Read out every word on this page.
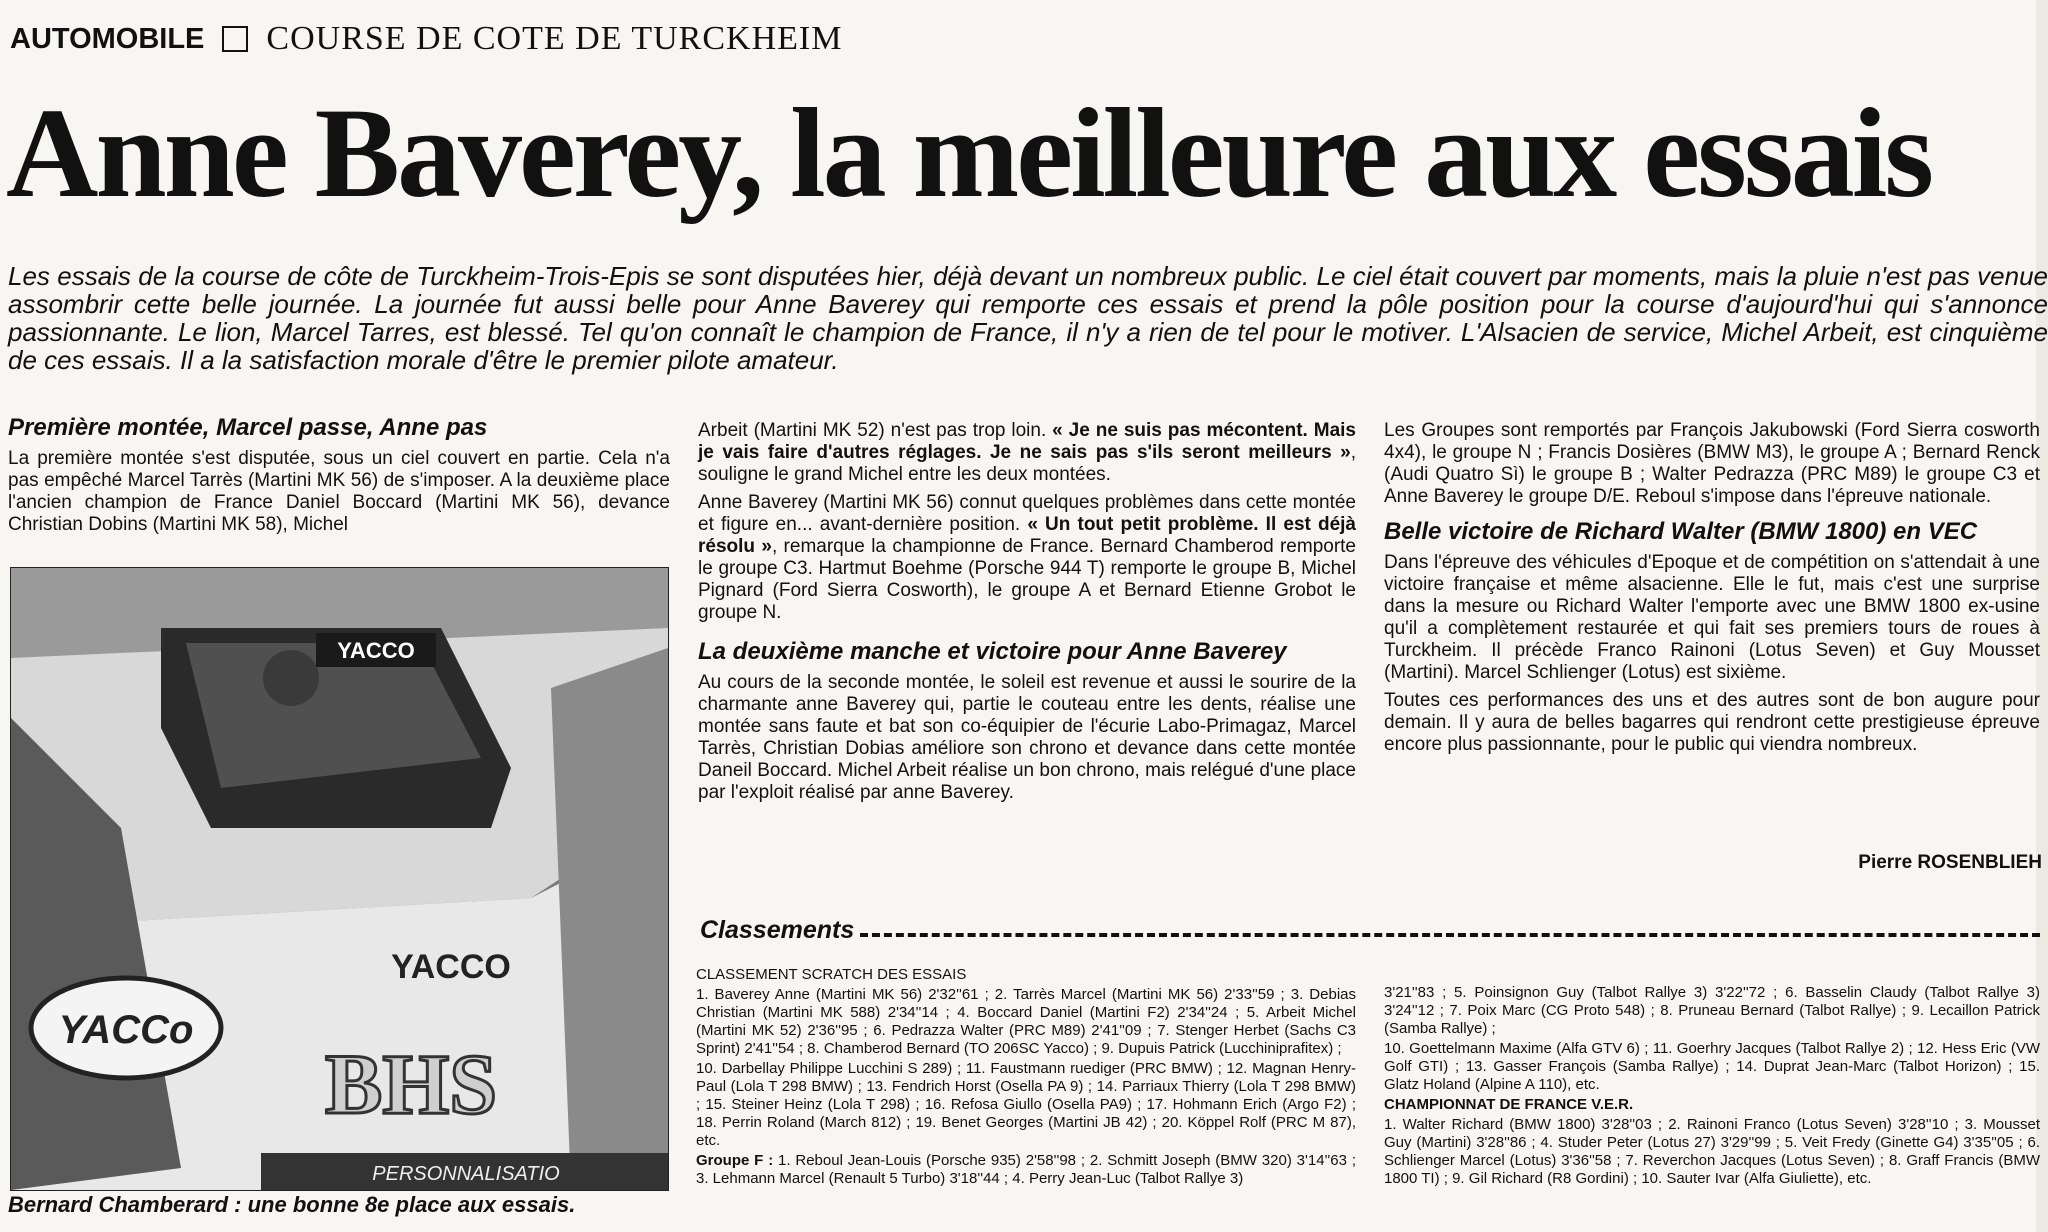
AUTOMOBILE COURSE DE COTE DE TURCKHEIM
Anne Baverey, la meilleure aux essais

Les essais de la course de côte de Turckheim-Trois-Epis se sont disputées hier, déjà devant un nombreux public. Le ciel était couvert par moments, mais la pluie n'est pas venue assombrir cette belle journée. La journée fut aussi belle pour Anne Baverey qui remporte ces essais et prend la pôle position pour la course d'aujourd'hui qui s'annonce passionnante. Le lion, Marcel Tarres, est blessé. Tel qu'on connaît le champion de France, il n'y a rien de tel pour le motiver. L'Alsacien de service, Michel Arbeit, est cinquième de ces essais. Il a la satisfaction morale d'être le premier pilote amateur.

Première montée, Marcel passe, Anne pas

La première montée s'est disputée, sous un ciel couvert en partie. Cela n'a pas empêché Marcel Tarrès (Martini MK 56) de s'imposer. A la deuxième place l'ancien champion de France Daniel Boccard (Martini MK 56), devance Christian Dobins (Martini MK 58), Michel

YACCO
YACCO
YACCo
BHS
PERSONNALISATIO
Bernard Chamberard : une bonne 8e place aux essais.

Arbeit (Martini MK 52) n'est pas trop loin. « Je ne suis pas mécontent. Mais je vais faire d'autres réglages. Je ne sais pas s'ils seront meilleurs », souligne le grand Michel entre les deux montées.

Anne Baverey (Martini MK 56) connut quelques problèmes dans cette montée et figure en... avant-dernière position. « Un tout petit problème. Il est déjà résolu », remarque la championne de France. Bernard Chamberod remporte le groupe C3. Hartmut Boehme (Porsche 944 T) remporte le groupe B, Michel Pignard (Ford Sierra Cosworth), le groupe A et Bernard Etienne Grobot le groupe N.

La deuxième manche et victoire pour Anne Baverey

Au cours de la seconde montée, le soleil est revenue et aussi le sourire de la charmante anne Baverey qui, partie le couteau entre les dents, réalise une montée sans faute et bat son co-équipier de l'écurie Labo-Primagaz, Marcel Tarrès, Christian Dobias améliore son chrono et devance dans cette montée Daneil Boccard. Michel Arbeit réalise un bon chrono, mais relégué d'une place par l'exploit réalisé par anne Baverey.

Les Groupes sont remportés par François Jakubowski (Ford Sierra cosworth 4x4), le groupe N ; Francis Dosières (BMW M3), le groupe A ; Bernard Renck (Audi Quatro Sì) le groupe B ; Walter Pedrazza (PRC M89) le groupe C3 et Anne Baverey le groupe D/E. Reboul s'impose dans l'épreuve nationale.

Belle victoire de Richard Walter (BMW 1800) en VEC

Dans l'épreuve des véhicules d'Epoque et de compétition on s'attendait à une victoire française et même alsacienne. Elle le fut, mais c'est une surprise dans la mesure ou Richard Walter l'emporte avec une BMW 1800 ex-usine qu'il a complètement restaurée et qui fait ses premiers tours de roues à Turckheim. Il précède Franco Rainoni (Lotus Seven) et Guy Mousset (Martini). Marcel Schlienger (Lotus) est sixième.

Toutes ces performances des uns et des autres sont de bon augure pour demain. Il y aura de belles bagarres qui rendront cette prestigieuse épreuve encore plus passionnante, pour le public qui viendra nombreux.

Pierre ROSENBLIEH
Classements

CLASSEMENT SCRATCH DES ESSAIS

1. Baverey Anne (Martini MK 56) 2'32''61 ; 2. Tarrès Marcel (Martini MK 56) 2'33''59 ; 3. Debias Christian (Martini MK 588) 2'34''14 ; 4. Boccard Daniel (Martini F2) 2'34''24 ; 5. Arbeit Michel (Martini MK 52) 2'36''95 ; 6. Pedrazza Walter (PRC M89) 2'41''09 ; 7. Stenger Herbet (Sachs C3 Sprint) 2'41''54 ; 8. Chamberod Bernard (TO 206SC Yacco) ; 9. Dupuis Patrick (Lucchiniprafitex) ;

10. Darbellay Philippe Lucchini S 289) ; 11. Faustmann ruediger (PRC BMW) ; 12. Magnan Henry-Paul (Lola T 298 BMW) ; 13. Fendrich Horst (Osella PA 9) ; 14. Parriaux Thierry (Lola T 298 BMW) ; 15. Steiner Heinz (Lola T 298) ; 16. Refosa Giullo (Osella PA9) ; 17. Hohmann Erich (Argo F2) ; 18. Perrin Roland (March 812) ; 19. Benet Georges (Martini JB 42) ; 20. Köppel Rolf (PRC M 87), etc.

Groupe F : 1. Reboul Jean-Louis (Porsche 935) 2'58''98 ; 2. Schmitt Joseph (BMW 320) 3'14''63 ; 3. Lehmann Marcel (Renault 5 Turbo) 3'18''44 ; 4. Perry Jean-Luc (Talbot Rallye 3)

3'21''83 ; 5. Poinsignon Guy (Talbot Rallye 3) 3'22''72 ; 6. Basselin Claudy (Talbot Rallye 3) 3'24''12 ; 7. Poix Marc (CG Proto 548) ; 8. Pruneau Bernard (Talbot Rallye) ; 9. Lecaillon Patrick (Samba Rallye) ;

10. Goettelmann Maxime (Alfa GTV 6) ; 11. Goerhry Jacques (Talbot Rallye 2) ; 12. Hess Eric (VW Golf GTI) ; 13. Gasser François (Samba Rallye) ; 14. Duprat Jean-Marc (Talbot Horizon) ; 15. Glatz Holand (Alpine A 110), etc.

CHAMPIONNAT DE FRANCE V.E.R.

1. Walter Richard (BMW 1800) 3'28''03 ; 2. Rainoni Franco (Lotus Seven) 3'28''10 ; 3. Mousset Guy (Martini) 3'28''86 ; 4. Studer Peter (Lotus 27) 3'29''99 ; 5. Veit Fredy (Ginette G4) 3'35''05 ; 6. Schlienger Marcel (Lotus) 3'36''58 ; 7. Reverchon Jacques (Lotus Seven) ; 8. Graff Francis (BMW 1800 TI) ; 9. Gil Richard (R8 Gordini) ; 10. Sauter Ivar (Alfa Giuliette), etc.
